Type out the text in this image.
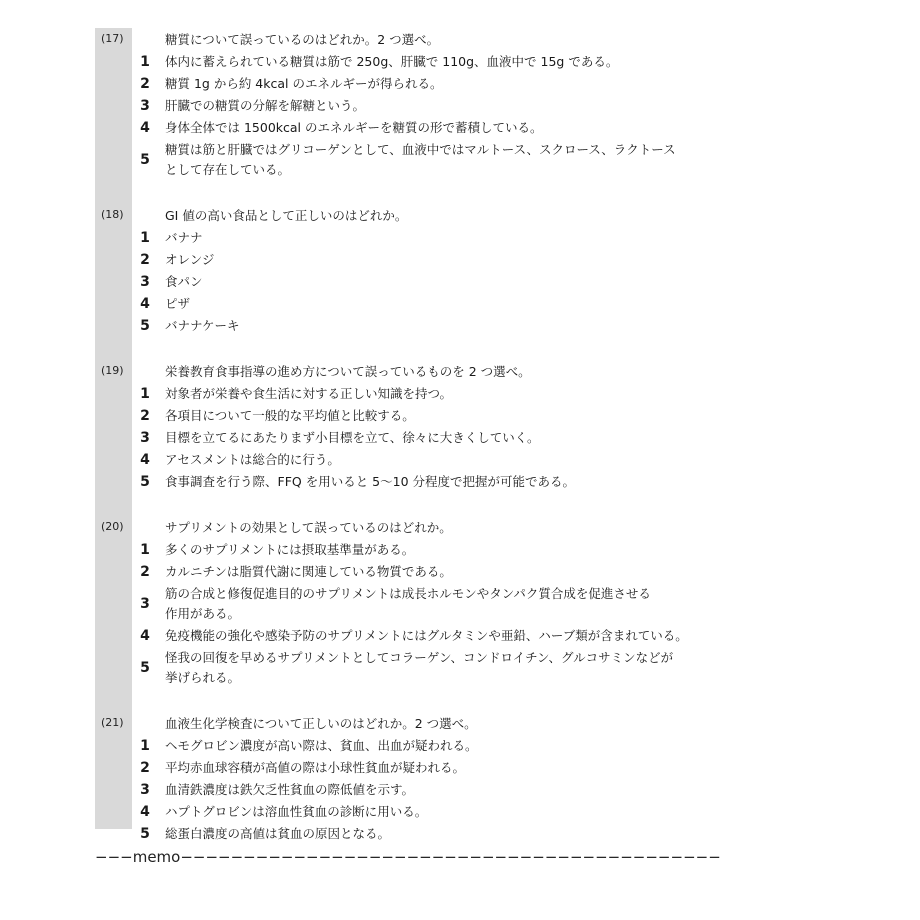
(17)	糖質について誤っているのはどれか。2 つ選べ。
1 体内に蓄えられている糖質は筋で 250g、肝臓で 110g、血液中で 15g である。
2 糖質 1g から約 4kcal のエネルギーが得られる。
3 肝臓での糖質の分解を解糖という。
4 身体全体では 1500kcal のエネルギーを糖質の形で蓄積している。
5
糖質は筋と肝臓ではグリコーゲンとして、血液中ではマルトース、スクロース、ラクトース
として存在している。
(18)	GI 値の高い食品として正しいのはどれか。
1 バナナ
2 オレンジ
3 食パン
4 ピザ
5 バナナケーキ
(19)	栄養教育食事指導の進め方について誤っているものを 2 つ選べ。
1 対象者が栄養や食生活に対する正しい知識を持つ。
2 各項目について一般的な平均値と比較する。
3 目標を立てるにあたりまず小目標を立て、徐々に大きくしていく。
4 アセスメントは総合的に行う。
5 食事調査を行う際、FFQ を用いると 5～10 分程度で把握が可能である。
(20)	サプリメントの効果として誤っているのはどれか。
1 多くのサプリメントには摂取基準量がある。
2 カルニチンは脂質代謝に関連している物質である。
3
筋の合成と修復促進目的のサプリメントは成長ホルモンやタンパク質合成を促進させる
作用がある。
4 免疫機能の強化や感染予防のサプリメントにはグルタミンや亜鉛、ハーブ類が含まれている。
5
怪我の回復を早めるサプリメントとしてコラーゲン、コンドロイチン、グルコサミンなどが
挙げられる。
(21)	血液生化学検査について正しいのはどれか。2 つ選べ。
1 ヘモグロビン濃度が高い際は、貧血、出血が疑われる。
2 平均赤血球容積が高値の際は小球性貧血が疑われる。
3 血清鉄濃度は鉄欠乏性貧血の際低値を示す。
4 ハプトグロビンは溶血性貧血の診断に用いる。
5 総蛋白濃度の高値は貧血の原因となる。
−−−memo−−−−−−−−−−−−−−−−−−−−−−−−−−−−−−−−−−−−−−−−−−−
